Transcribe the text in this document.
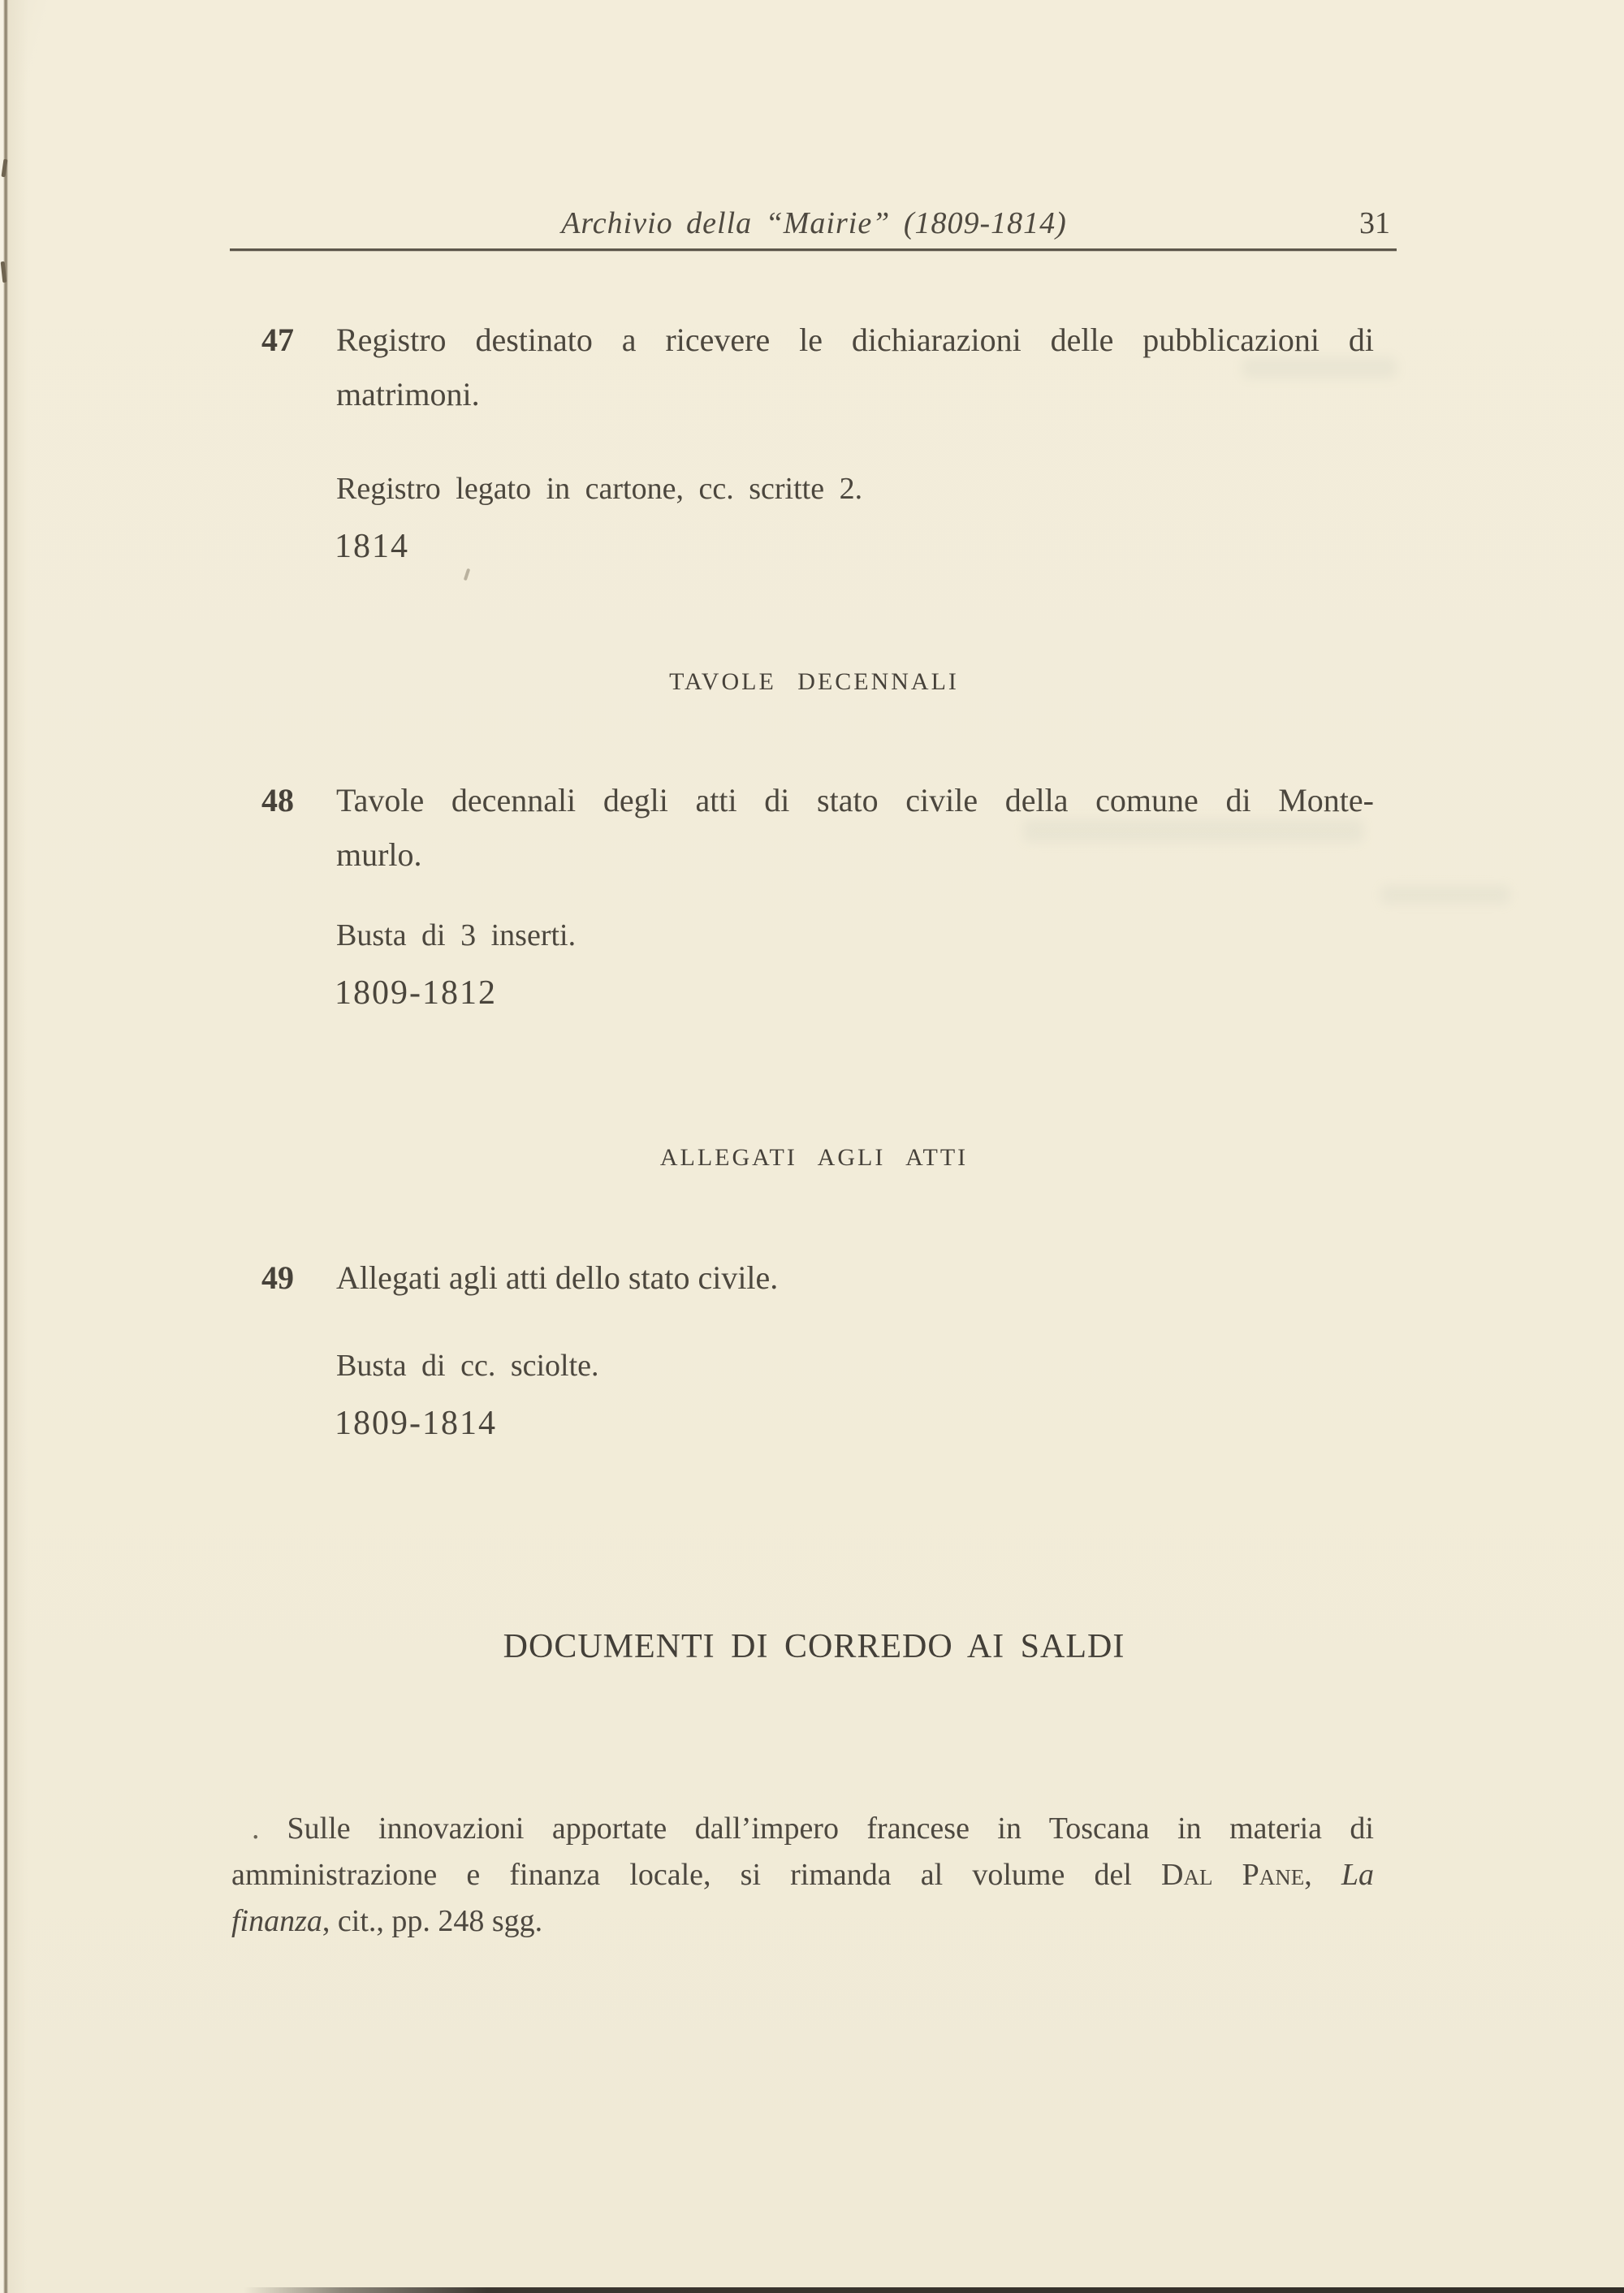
Archivio della “Mairie” (1809-1814)	31
47	Registro destinato a ricevere le dichiarazioni delle pubblicazioni di
matrimoni.
Registro legato in cartone, cc. scritte 2.
1814
TAVOLE DECENNALI
48	Tavole decennali degli atti di stato civile della comune di Monte-
murlo.
Busta di 3 inserti.
1809-1812
ALLEGATI AGLI ATTI
49	Allegati agli atti dello stato civile.
Busta di cc. sciolte.
1809-1814
DOCUMENTI DI CORREDO AI SALDI
. Sulle innovazioni apportate dall’impero francese in Toscana in materia di
amministrazione e finanza locale, si rimanda al volume del Dal Pane, La
finanza, cit., pp. 248 sgg.
